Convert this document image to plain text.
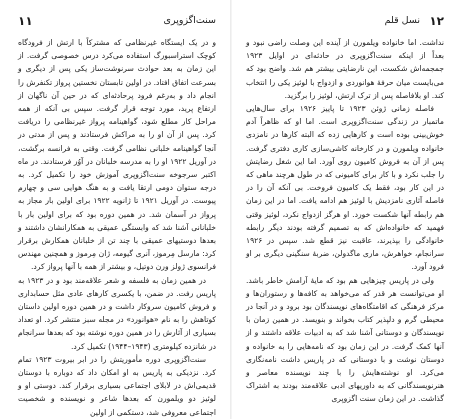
سنت‌اگزوپری
۱۱

و در یک ایستگاه غیرنظامی که مشترکاً با ارتش از فرودگاه کوچک استراسبورگ استفاده می‌کرد درس خصوصی گرفت. از این زمان به بعد حوادث سرنوشت‌ساز یکی پس از دیگری و بسرعت اتفاق افتاد. در اولین تابستان نخستین پرواز تکنفرش را انجام داد و به‌رغم فرود پرحادثه‌ای که در حین آن ناگهان از ارتفاع پرید، مورد توجه قرار گرفت. سپس بی آنکه از همه مراحل کار مطلع شود، گواهینامه پرواز غیرنظامی را دریافت کرد. پس از آن او را به مراکش فرستادند و پس از مدتی در آنجا گواهینامه خلبانی نظامی گرفت. وقتی به فرانسه برگشت، در آوریل ۱۹۲۲ او را به مدرسه خلبانان در آوُر فرستادند. در ماه اکتبر سرجوخه سنت‌اگزوپری آموزش خود را تکمیل کرد. به درجه ستوان دومی ارتقا یافت و به هنگ هوایی سی و چهارم پیوست. در آوریل ۱۹۲۱ تا ژانویه ۱۹۲۲ برای اولین بار مجاز به پرواز در آسمان شد. در همین دوره بود که برای اولین بار با خلبانانی آشنا شد که وابستگی عمیقی به همکارانشان داشتند و بعدها دوستیهای عمیقی با چند تن از خلبانان همکارش برقرار کرد: مارسل مِرموز، آنری گیومه، ژان مِرموز و همچنین مهندس فرانسوی ژولز ورن دوتیل، و بیشتر از همه با آنها پرواز کرد.

در همین زمان به فلسفه و شعر علاقه‌مند بود و در ۱۹۲۳ به پاریس رفت. در ضمن، با یکسری کارهای عادی مثل حسابداری و فروش کامیون سروکار داشت و در همین دوره اولین داستان کوتاهش را به نام «هوانورد» در مجله سبز منتشر کرد. او تعداد بسیاری از آثارش را در همین دوره نوشته بود که بعدها سرانجام در شانزده کیلومتری (۱۹۴۳–۱۹۴۴) تکمیل کرد.

سنت‌اگزوپری دوره مأموریتش را در ابر بیروت ۱۹۲۳ تمام کرد. نزدیکی به پاریس به او امکان داد که دوباره با دوستان قدیمی‌اش در لابلای اجتماعی بسیاری برقرار کند. دوستی او و لوئیز دو ویلمورن که بعدها شاعر و نویسنده و شخصیت اجتماعی معروفی شد، دستکمی از اولین

۱۲
نسل قلم

نداشت. اما خانواده ویلمورن از آینده این وصلت راضی نبود و بعداً از اینکه سنت‌اگزوپری در حادثه‌ای در اوایل ۱۹۲۳ جمجمه‌اش شکست، این نارضایتی بیشتر هم شد. واضح بود که می‌بایست میان حرفهٔ هوانوردی و ازدواج با لوئیز یکی را انتخاب کند. او بلافاصله پس از ترک ارتش، لوئیز را برگزید.

فاصله زمانی ژوئن ۱۹۲۳ تا پاییز ۱۹۲۶ برای سال‌هایی ماتمبار در زندگی سنت‌اگزوپری است. اما او که ظاهراً آدم خوش‌بینی بوده است و کارهایی زده که البته کارها در نامزدی خانواده ویلمورن و در کارخانه کاشی‌سازی کاری دفتری گرفت. پس از آن به فروش کامیون روی آورد. اما این شغل رضایتش را جلب نکرد و با کار برای کامیونی که در طول هرچند ماهی که در این کار بود، فقط یک کامیون فروخت. بی آنکه آن را در فاصله آثاری نامزدیش با لوئیز هم ادامه یافت. اما در این زمان هم رابطه آنها شکست خورد. او هرگز ازدواج نکرد، لوئیز وقتی فهمید که خانواده‌اش که به تصمیم گرفته بودند دیگر رابطه خانوادگی را بپذیرند، عاقبت نیز قطع شد. سپس در ۱۹۲۶ سرانجام، خواهرش، ماری ماگدولن، ضربهٔ سنگینی دیگری بر او فرود آورد.

ولی در پاریس چیزهایی هم بود که مایهٔ آرامش خاطر باشد. او می‌توانست هر قدر که می‌خواهد به کافه‌ها و رستوران‌ها و مرکز فرهنگی که اقامتگاه‌های نویسندگان بود برود و در آنجا در محیطی گرم و دلپذیر کتاب بخواند و بنویسد. در همین زمان با نویسندگان و دوستانی آشنا شد که به ادبیات علاقه داشتند و از آنها کمک گرفت. در این زمان بود که نامه‌هایی را به خانواده و دوستان نوشت و با دوستانی که در پاریس داشت نامه‌نگاری می‌کرد. او نوشته‌هایش را با چند نویسنده معاصر و هنرنویسندگانی که به داوریهای ادبی علاقه‌مند بودند به اشتراک گذاشت. در این زمان سنت اگزوپری
